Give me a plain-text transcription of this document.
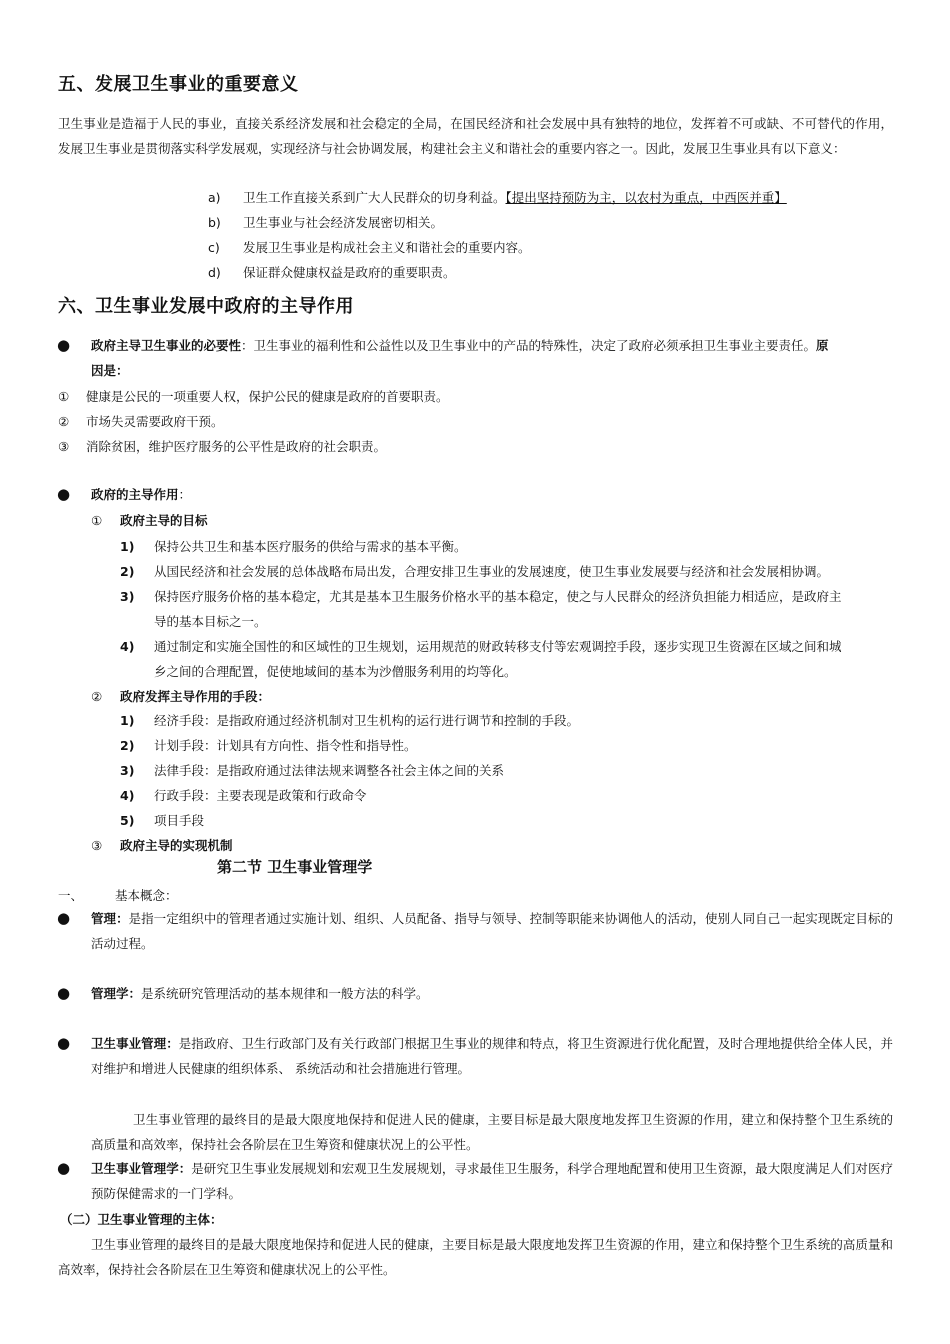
五、发展卫生事业的重要意义
卫生事业是造福于人民的事业，直接关系经济发展和社会稳定的全局，在国民经济和社会发展中具有独特的地位，发挥着不可或缺、不可替代的作用，发展卫生事业是贯彻落实科学发展观，实现经济与社会协调发展，构建社会主义和谐社会的重要内容之一。因此，发展卫生事业具有以下意义：
a) 卫生工作直接关系到广大人民群众的切身利益。【提出坚持预防为主，以农村为重点，中西医并重】
b) 卫生事业与社会经济发展密切相关。
c) 发展卫生事业是构成社会主义和谐社会的重要内容。
d) 保证群众健康权益是政府的重要职责。
六、卫生事业发展中政府的主导作用
● 政府主导卫生事业的必要性：卫生事业的福利性和公益性以及卫生事业中的产品的特殊性，决定了政府必须承担卫生事业主要责任。原
因是：
① 健康是公民的一项重要人权，保护公民的健康是政府的首要职责。
② 市场失灵需要政府干预。
③ 消除贫困，维护医疗服务的公平性是政府的社会职责。
● 政府的主导作用：
① 政府主导的目标
1) 保持公共卫生和基本医疗服务的供给与需求的基本平衡。
2) 从国民经济和社会发展的总体战略布局出发，合理安排卫生事业的发展速度，使卫生事业发展要与经济和社会发展相协调。
3) 保持医疗服务价格的基本稳定，尤其是基本卫生服务价格水平的基本稳定，使之与人民群众的经济负担能力相适应，是政府主
导的基本目标之一。
4) 通过制定和实施全国性的和区域性的卫生规划，运用规范的财政转移支付等宏观调控手段，逐步实现卫生资源在区域之间和城
乡之间的合理配置，促使地域间的基本为沙僧服务利用的均等化。
② 政府发挥主导作用的手段：
1) 经济手段：是指政府通过经济机制对卫生机构的运行进行调节和控制的手段。
2) 计划手段：计划具有方向性、指令性和指导性。
3) 法律手段：是指政府通过法律法规来调整各社会主体之间的关系
4) 行政手段：主要表现是政策和行政命令
5) 项目手段
③ 政府主导的实现机制
第二节 卫生事业管理学
一、	基本概念：
● 管理：是指一定组织中的管理者通过实施计划、组织、人员配备、指导与领导、控制等职能来协调他人的活动，使别人同自己一起实现既定目标的活动过程。
● 管理学：是系统研究管理活动的基本规律和一般方法的科学。
● 卫生事业管理：是指政府、卫生行政部门及有关行政部门根据卫生事业的规律和特点，将卫生资源进行优化配置，及时合理地提供给全体人民，并对维护和增进人民健康的组织体系、 系统活动和社会措施进行管理。
卫生事业管理的最终目的是最大限度地保持和促进人民的健康，主要目标是最大限度地发挥卫生资源的作用，建立和保持整个卫生系统的高质量和高效率，保持社会各阶层在卫生筹资和健康状况上的公平性。
● 卫生事业管理学：是研究卫生事业发展规划和宏观卫生发展规划，寻求最佳卫生服务，科学合理地配置和使用卫生资源，最大限度满足人们对医疗预防保健需求的一门学科。
（二）卫生事业管理的主体：
卫生事业管理的最终目的是最大限度地保持和促进人民的健康，主要目标是最大限度地发挥卫生资源的作用，建立和保持整个卫生系统的高质量和高效率，保持社会各阶层在卫生筹资和健康状况上的公平性。
